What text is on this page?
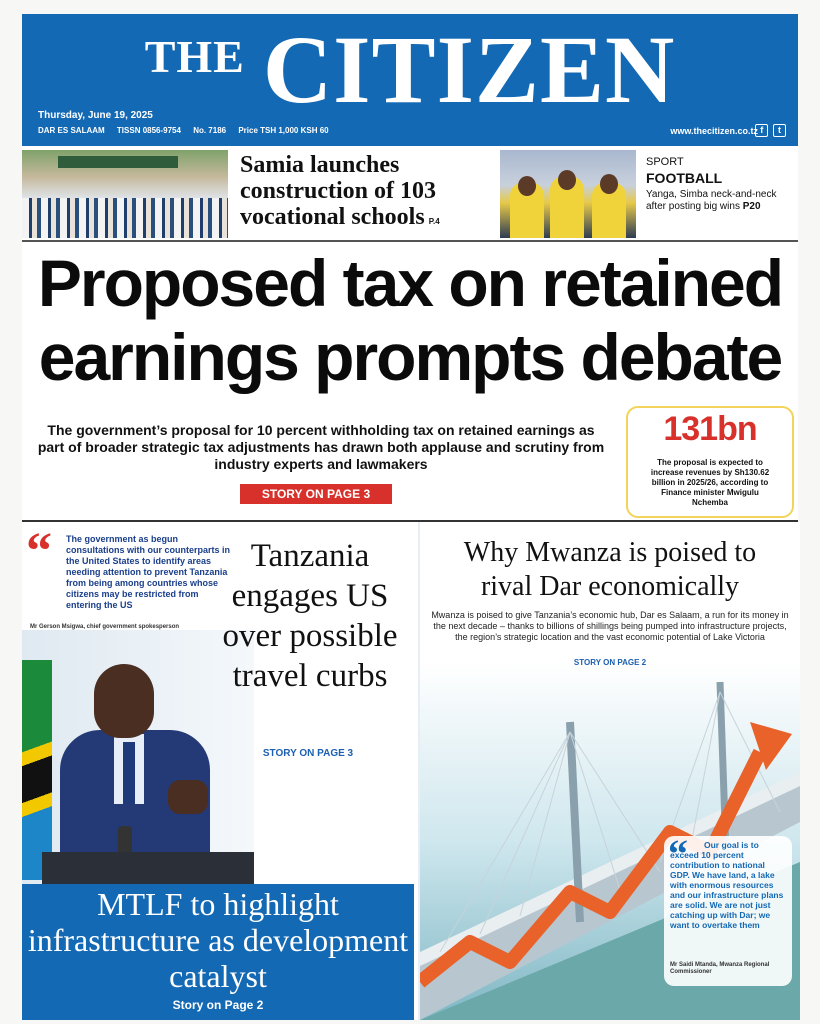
THE CITIZEN
Thursday, June 19, 2025
DAR ES SALAAM TISSN 0856-9754 No. 7186 Price TSH 1,000 KSH 60	www.thecitizen.co.tz f t
Samia launches construction of 103 vocational schools P.4
SPORT
FOOTBALL
Yanga, Simba neck-and-neck after posting big wins P20
Proposed tax on retained
earnings prompts debate
The government’s proposal for 10 percent withholding tax on retained earnings as part of broader strategic tax adjustments has drawn both applause and scrutiny from industry experts and lawmakers
STORY ON PAGE 3
131bn
The proposal is expected to increase revenues by Sh130.62 billion in 2025/26, according to Finance minister Mwigulu Nchemba
“ The government as begun consultations with our counterparts in the United States to identify areas needing attention to prevent Tanzania from being among countries whose citizens may be restricted from entering the US
Mr Gerson Msigwa, chief government spokesperson
Tanzania engages US over possible travel curbs
STORY ON PAGE 3
MTLF to highlight infrastructure as development catalyst
Story on Page 2
Why Mwanza is poised to
rival Dar economically
Mwanza is poised to give Tanzania’s economic hub, Dar es Salaam, a run for its money in the next decade – thanks to billions of shillings being pumped into infrastructure projects, the region’s strategic location and the vast economic potential of Lake Victoria
STORY ON PAGE 2
“	Our goal is to exceed 10 percent contribution to national GDP. We have land, a lake with enormous resources and our infrastructure plans are solid. We are not just catching up with Dar; we want to overtake them
Mr Saidi Mtanda, Mwanza Regional Commissioner
